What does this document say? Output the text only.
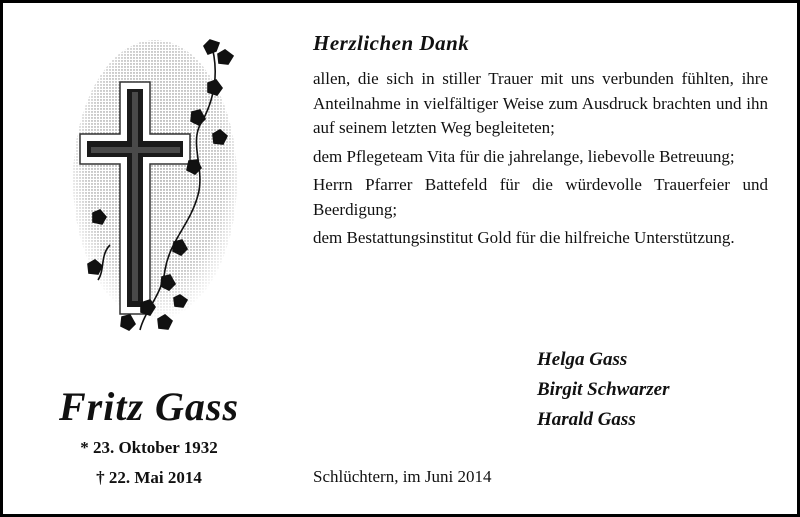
Fritz Gass
* 23. Oktober 1932
† 22. Mai 2014
Herzlichen Dank

allen, die sich in stiller Trauer mit uns verbunden fühlten, ihre Anteilnahme in vielfältiger Weise zum Ausdruck brachten und ihn auf seinem letzten Weg begleiteten;

dem Pflegeteam Vita für die jahrelange, liebevolle Betreuung;

Herrn Pfarrer Battefeld für die würdevolle Trauerfeier und Beerdigung;

dem Bestattungsinstitut Gold für die hilfreiche Unterstützung.

Helga Gass
Birgit Schwarzer
Harald Gass
Schlüchtern, im Juni 2014
